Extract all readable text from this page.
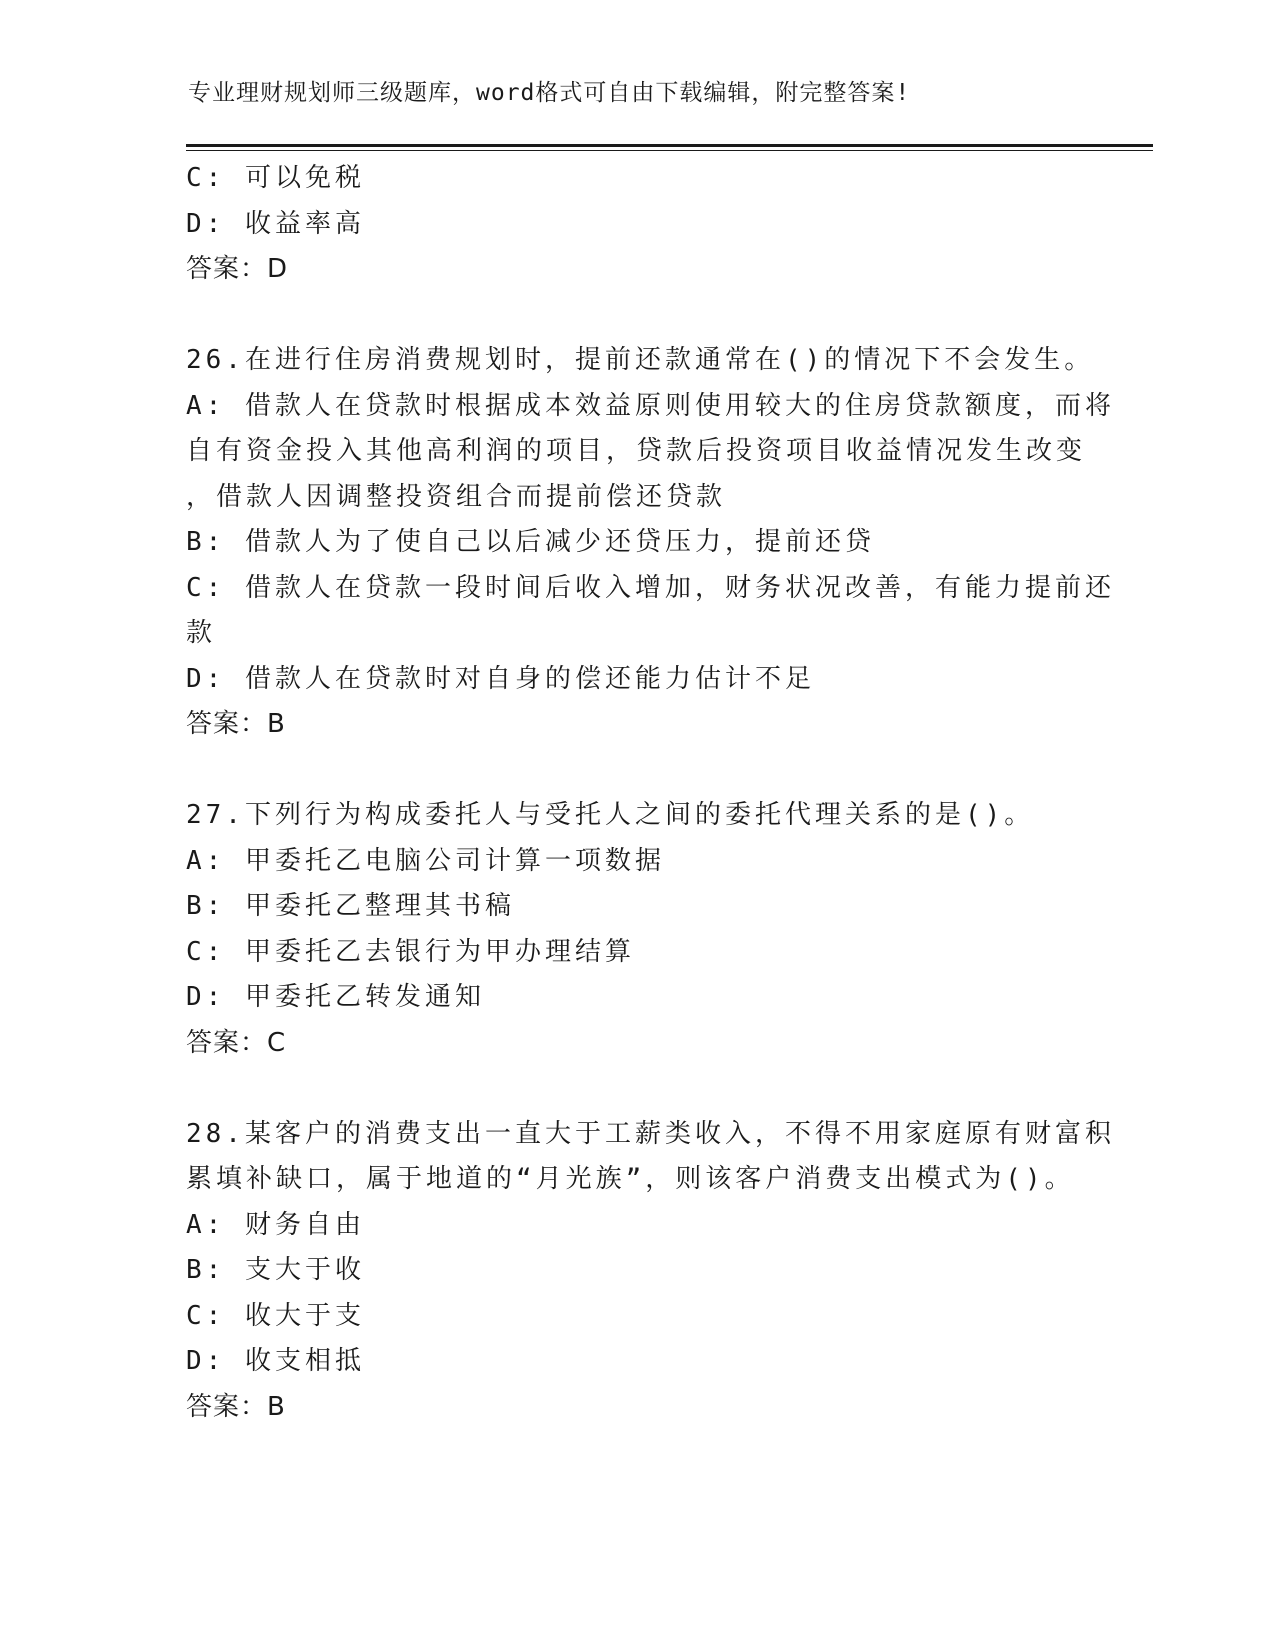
专业理财规划师三级题库，word格式可自由下载编辑，附完整答案!
C: 可以免税
D: 收益率高
答案：D
26.在进行住房消费规划时，提前还款通常在()的情况下不会发生。
A: 借款人在贷款时根据成本效益原则使用较大的住房贷款额度，而将
自有资金投入其他高利润的项目，贷款后投资项目收益情况发生改变
，借款人因调整投资组合而提前偿还贷款
B: 借款人为了使自己以后减少还贷压力，提前还贷
C: 借款人在贷款一段时间后收入增加，财务状况改善，有能力提前还
款
D: 借款人在贷款时对自身的偿还能力估计不足
答案：B
27.下列行为构成委托人与受托人之间的委托代理关系的是()。
A: 甲委托乙电脑公司计算一项数据
B: 甲委托乙整理其书稿
C: 甲委托乙去银行为甲办理结算
D: 甲委托乙转发通知
答案：C
28.某客户的消费支出一直大于工薪类收入，不得不用家庭原有财富积
累填补缺口，属于地道的“月光族”，则该客户消费支出模式为()。
A: 财务自由
B: 支大于收
C: 收大于支
D: 收支相抵
答案：B
